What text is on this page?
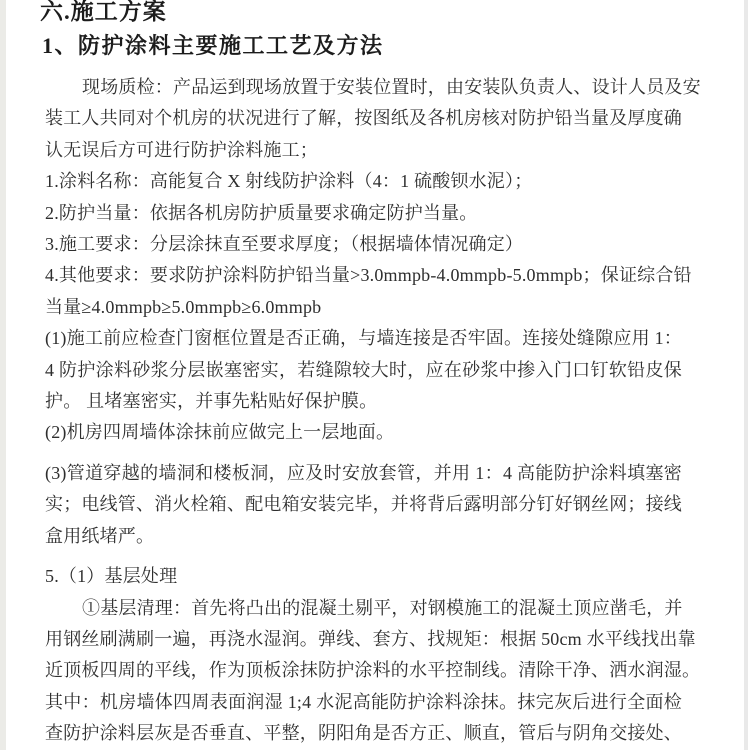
六.施工方案
1、防护涂料主要施工工艺及方法
现场质检：产品运到现场放置于安装位置时，由安装队负责人、设计人员及安
装工人共同对个机房的状况进行了解，按图纸及各机房核对防护铅当量及厚度确
认无误后方可进行防护涂料施工；
1.涂料名称：高能复合 X 射线防护涂料（4：1 硫酸钡水泥）；
2.防护当量：依据各机房防护质量要求确定防护当量。
3.施工要求：分层涂抹直至要求厚度；（根据墙体情况确定）
4.其他要求：要求防护涂料防护铅当量>3.0mmpb-4.0mmpb-5.0mmpb；保证综合铅
当量≥4.0mmpb≥5.0mmpb≥6.0mmpb
(1)施工前应检查门窗框位置是否正确，与墙连接是否牢固。连接处缝隙应用 1：
4 防护涂料砂浆分层嵌塞密实，若缝隙较大时，应在砂浆中掺入门口钉软铅皮保
护。 且堵塞密实，并事先粘贴好保护膜。
(2)机房四周墙体涂抹前应做完上一层地面。
(3)管道穿越的墙洞和楼板洞，应及时安放套管，并用 1：4 高能防护涂料填塞密
实；电线管、消火栓箱、配电箱安装完毕，并将背后露明部分钉好钢丝网；接线
盒用纸堵严。
5.（1）基层处理
①基层清理：首先将凸出的混凝土剔平，对钢模施工的混凝土顶应凿毛，并
用钢丝刷满刷一遍，再浇水湿润。弹线、套方、找规矩：根据 50cm 水平线找出靠
近顶板四周的平线，作为顶板涂抹防护涂料的水平控制线。清除干净、洒水润湿。
其中：机房墙体四周表面润湿 1;4 水泥高能防护涂料涂抹。抹完灰后进行全面检
查防护涂料层灰是否垂直、平整，阴阳角是否方正、顺直，管后与阴角交接处、
